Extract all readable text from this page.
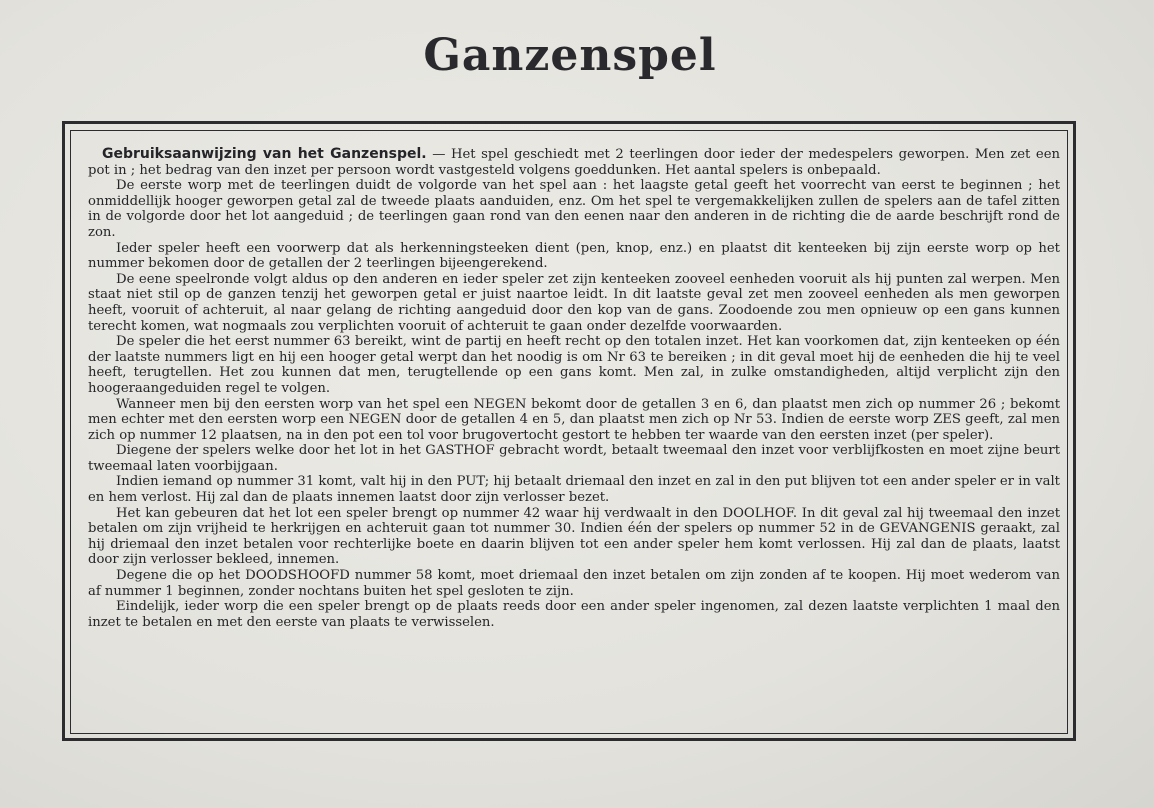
Ganzenspel

Gebruiksaanwijzing van het Ganzenspel. — Het spel geschiedt met 2 teerlingen door ieder der medespelers geworpen. Men zet een pot in ; het bedrag van den inzet per persoon wordt vastgesteld volgens goeddunken. Het aantal spelers is onbepaald.

De eerste worp met de teerlingen duidt de volgorde van het spel aan : het laagste getal geeft het voorrecht van eerst te beginnen ; het onmiddellijk hooger geworpen getal zal de tweede plaats aanduiden, enz. Om het spel te vergemakkelijken zullen de spelers aan de tafel zitten in de volgorde door het lot aangeduid ; de teerlingen gaan rond van den eenen naar den anderen in de richting die de aarde beschrijft rond de zon.

Ieder speler heeft een voorwerp dat als herkenningsteeken dient (pen, knop, enz.) en plaatst dit kenteeken bij zijn eerste worp op het nummer bekomen door de getallen der 2 teerlingen bijeengerekend.

De eene speelronde volgt aldus op den anderen en ieder speler zet zijn kenteeken zooveel eenheden vooruit als hij punten zal werpen. Men staat niet stil op de ganzen tenzij het geworpen getal er juist naartoe leidt. In dit laatste geval zet men zooveel eenheden als men geworpen heeft, vooruit of achteruit, al naar gelang de richting aangeduid door den kop van de gans. Zoodoende zou men opnieuw op een gans kunnen terecht komen, wat nogmaals zou verplichten vooruit of achteruit te gaan onder dezelfde voorwaarden.

De speler die het eerst nummer 63 bereikt, wint de partij en heeft recht op den totalen inzet. Het kan voorkomen dat, zijn kenteeken op één der laatste nummers ligt en hij een hooger getal werpt dan het noodig is om Nr 63 te bereiken ; in dit geval moet hij de eenheden die hij te veel heeft, terugtellen. Het zou kunnen dat men, terugtellende op een gans komt. Men zal, in zulke omstandigheden, altijd verplicht zijn den hoogeraangeduiden regel te volgen.

Wanneer men bij den eersten worp van het spel een NEGEN bekomt door de getallen 3 en 6, dan plaatst men zich op nummer 26 ; bekomt men echter met den eersten worp een NEGEN door de getallen 4 en 5, dan plaatst men zich op Nr 53. Indien de eerste worp ZES geeft, zal men zich op nummer 12 plaatsen, na in den pot een tol voor brugovertocht gestort te hebben ter waarde van den eersten inzet (per speler).

Diegene der spelers welke door het lot in het GASTHOF gebracht wordt, betaalt tweemaal den inzet voor verblijfkosten en moet zijne beurt tweemaal laten voorbijgaan.

Indien iemand op nummer 31 komt, valt hij in den PUT; hij betaalt driemaal den inzet en zal in den put blijven tot een ander speler er in valt en hem verlost. Hij zal dan de plaats innemen laatst door zijn verlosser bezet.

Het kan gebeuren dat het lot een speler brengt op nummer 42 waar hij verdwaalt in den DOOLHOF. In dit geval zal hij tweemaal den inzet betalen om zijn vrijheid te herkrijgen en achteruit gaan tot nummer 30. Indien één der spelers op nummer 52 in de GEVANGENIS geraakt, zal hij driemaal den inzet betalen voor rechterlijke boete en daarin blijven tot een ander speler hem komt verlossen. Hij zal dan de plaats, laatst door zijn verlosser bekleed, innemen.

Degene die op het DOODSHOOFD nummer 58 komt, moet driemaal den inzet betalen om zijn zonden af te koopen. Hij moet wederom van af nummer 1 beginnen, zonder nochtans buiten het spel gesloten te zijn.

Eindelijk, ieder worp die een speler brengt op de plaats reeds door een ander speler ingenomen, zal dezen laatste verplichten 1 maal den inzet te betalen en met den eerste van plaats te verwisselen.
